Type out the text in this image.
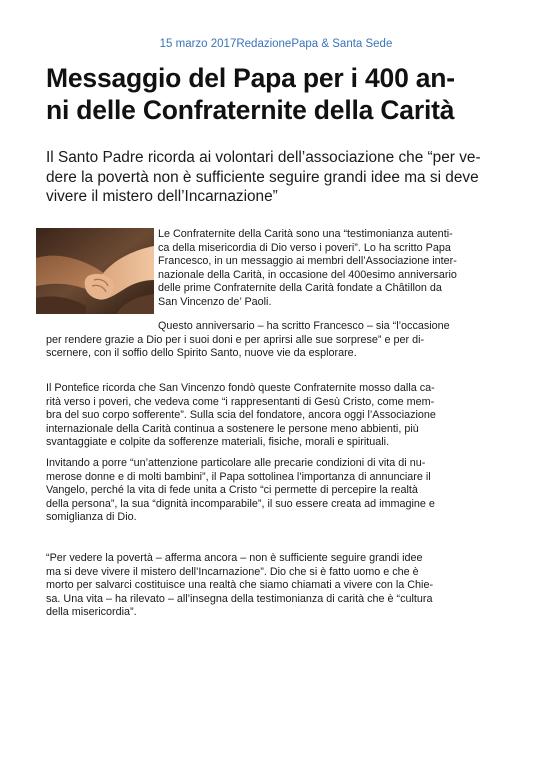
15 marzo 2017RedazionePapa & Santa Sede
Messaggio del Papa per i 400 an-
ni delle Confraternite della Carità

Il Santo Padre ricorda ai volontari dell’associazione che “per ve-
dere la povertà non è sufficiente seguire grandi idee ma si deve
vivere il mistero dell’Incarnazione”

Le Confraternite della Carità sono una “testimonianza autenti-
ca della misericordia di Dio verso i poveri”. Lo ha scritto Papa
Francesco, in un messaggio ai membri dell’Associazione inter-
nazionale della Carità, in occasione del 400esimo anniversario
delle prime Confraternite della Carità fondate a Châtillon da
San Vincenzo de’ Paoli.

Questo anniversario – ha scritto Francesco – sia “l’occasione
per rendere grazie a Dio per i suoi doni e per aprirsi alle sue sorprese” e per di-
scernere, con il soffio dello Spirito Santo, nuove vie da esplorare.

Il Pontefice ricorda che San Vincenzo fondò queste Confraternite mosso dalla ca-
rità verso i poveri, che vedeva come “i rappresentanti di Gesù Cristo, come mem-
bra del suo corpo sofferente”. Sulla scia del fondatore, ancora oggi l’Associazione
internazionale della Carità continua a sostenere le persone meno abbienti, più
svantaggiate e colpite da sofferenze materiali, fisiche, morali e spirituali.

Invitando a porre “un’attenzione particolare alle precarie condizioni di vita di nu-
merose donne e di molti bambini”, il Papa sottolinea l’importanza di annunciare il
Vangelo, perché la vita di fede unita a Cristo “ci permette di percepire la realtà
della persona”, la sua “dignità incomparabile”, il suo essere creata ad immagine e
somiglianza di Dio.

“Per vedere la povertà – afferma ancora – non è sufficiente seguire grandi idee
ma si deve vivere il mistero dell’Incarnazione”. Dio che si è fatto uomo e che è
morto per salvarci costituisce una realtà che siamo chiamati a vivere con la Chie-
sa. Una vita – ha rilevato – all’insegna della testimonianza di carità che è “cultura
della misericordia”.
